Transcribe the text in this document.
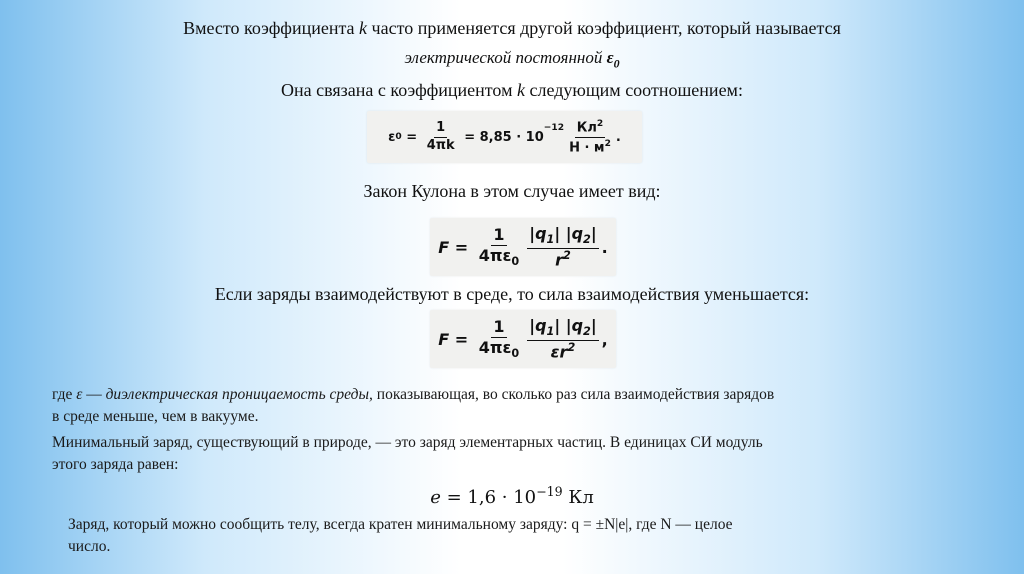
Вместо коэффициента k часто применяется другой коэффициент, который называется
электрической постоянной $\varepsilon_0$
Она связана с коэффициентом k следующим соотношением:
ε $0 = \frac{1}{4\pi k} = 8,85 \cdot 10$
$^{-12} \frac{Кл^2}{Н \cdot м^2}$ .
Закон Кулона в этом случае имеет вид:
$F = \frac{1}{4\pi\varepsilon_0} \frac{|q_1| |q_2|}{r^2}$ .
Если заряды взаимодействуют в среде, то сила взаимодействия уменьшается:
$F = \frac{1}{4\pi\varepsilon_0} \frac{|q_1| |q_2|}{\varepsilon r^2}$ ,
где ε — диэлектрическая проницаемость среды, показывающая, во сколько раз сила взаимодействия зарядов
в среде меньше, чем в вакууме.
Минимальный заряд, существующий в природе, — это заряд элементарных частиц. В единицах СИ модуль
этого заряда равен:
$e = 1,6 \cdot 10^{-19}$ Кл
Заряд, который можно сообщить телу, всегда кратен минимальному заряду: q = ±N|e|, где N — целое
число.
